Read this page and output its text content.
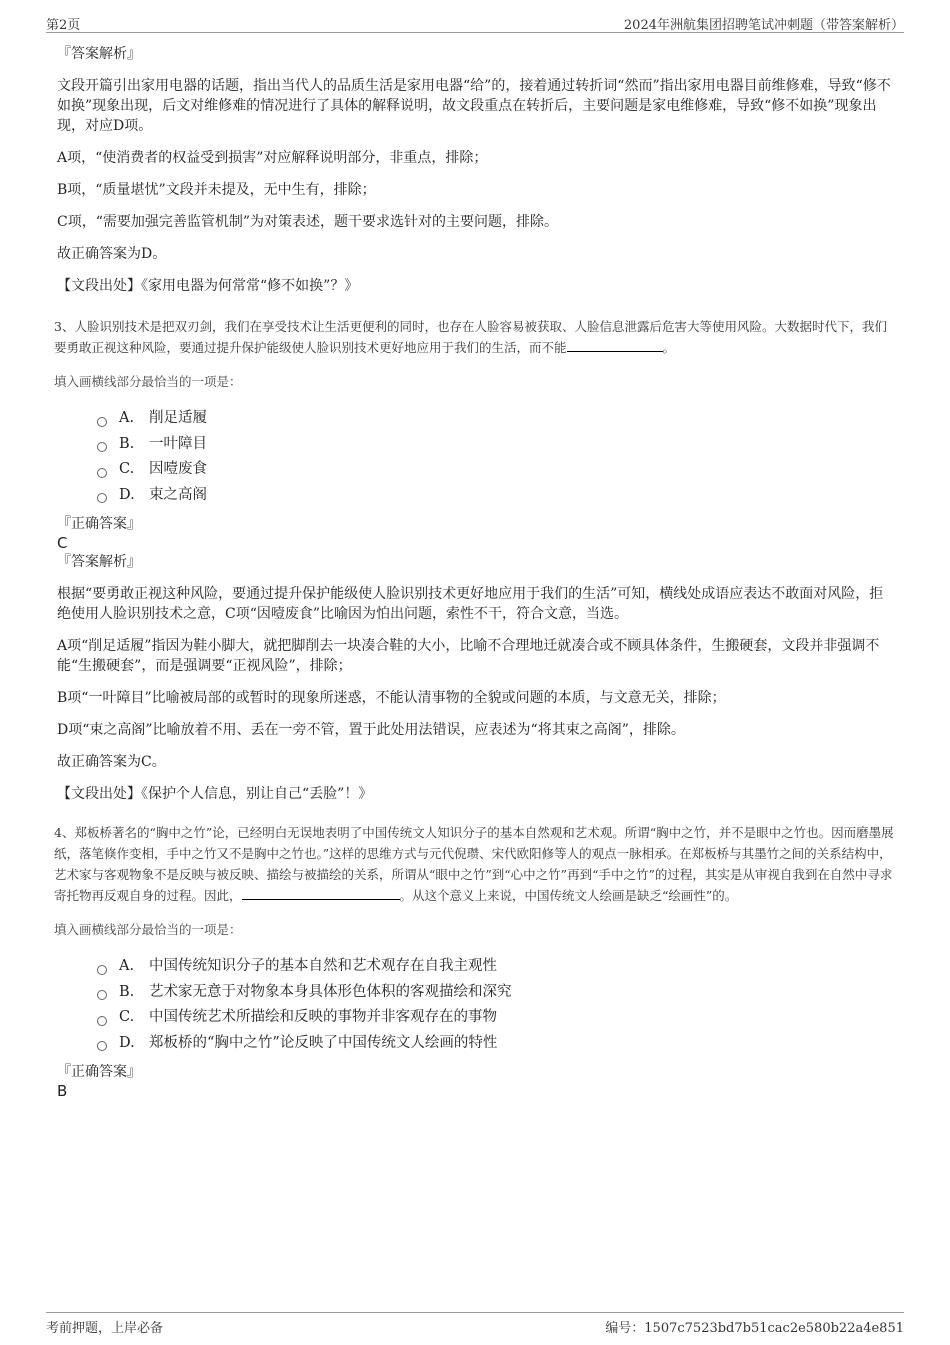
第2页	2024年洲航集团招聘笔试冲刺题（带答案解析）

『答案解析』

文段开篇引出家用电器的话题，指出当代人的品质生活是家用电器“给”的，接着通过转折词“然而”指出家用电器目前维修难，导致“修不如换”现象出现，后文对维修难的情况进行了具体的解释说明，故文段重点在转折后，主要问题是家电维修难，导致“修不如换”现象出现，对应D项。

A项，“使消费者的权益受到损害”对应解释说明部分，非重点，排除；

B项，“质量堪忧”文段并未提及，无中生有，排除；

C项，“需要加强完善监管机制”为对策表述，题干要求选针对的主要问题，排除。

故正确答案为D。

【文段出处】《家用电器为何常常“修不如换”？》

3、人脸识别技术是把双刃剑，我们在享受技术让生活更便利的同时，也存在人脸容易被获取、人脸信息泄露后危害大等使用风险。大数据时代下，我们要勇敢正视这种风险，要通过提升保护能级使人脸识别技术更好地应用于我们的生活，而不能	。

填入画横线部分最恰当的一项是：

A.	削足适履
B.	一叶障目
C.	因噎废食
D. 束之高阁

『正确答案』

C

『答案解析』

根据“要勇敢正视这种风险，要通过提升保护能级使人脸识别技术更好地应用于我们的生活”可知，横线处成语应表达不敢面对风险，拒绝使用人脸识别技术之意，C项“因噎废食”比喻因为怕出问题，索性不干，符合文意，当选。

A项“削足适履”指因为鞋小脚大，就把脚削去一块凑合鞋的大小，比喻不合理地迁就凑合或不顾具体条件，生搬硬套，文段并非强调不能“生搬硬套”，而是强调要“正视风险”，排除；

B项“一叶障目”比喻被局部的或暂时的现象所迷惑，不能认清事物的全貌或问题的本质，与文意无关，排除；

D项“束之高阁”比喻放着不用、丢在一旁不管，置于此处用法错误，应表述为“将其束之高阁”，排除。

故正确答案为C。

【文段出处】《保护个人信息，别让自己“丢脸”！》

4、郑板桥著名的“胸中之竹”论，已经明白无误地表明了中国传统文人知识分子的基本自然观和艺术观。所谓“胸中之竹，并不是眼中之竹也。因而磨墨展纸，落笔倏作变相，手中之竹又不是胸中之竹也。”这样的思维方式与元代倪瓒、宋代欧阳修等人的观点一脉相承。在郑板桥与其墨竹之间的关系结构中，艺术家与客观物象不是反映与被反映、描绘与被描绘的关系，所谓从“眼中之竹”到“心中之竹”再到“手中之竹”的过程，其实是从审视自我到在自然中寻求寄托物再反观自身的过程。因此，	。从这个意义上来说，中国传统文人绘画是缺乏“绘画性”的。

填入画横线部分最恰当的一项是：

A.	中国传统知识分子的基本自然和艺术观存在自我主观性
B.	艺术家无意于对物象本身具体形色体积的客观描绘和深究
C.	中国传统艺术所描绘和反映的事物并非客观存在的事物
D. 郑板桥的“胸中之竹”论反映了中国传统文人绘画的特性

『正确答案』

B

考前押题，上岸必备	编号：1507c7523bd7b51cac2e580b22a4e851
